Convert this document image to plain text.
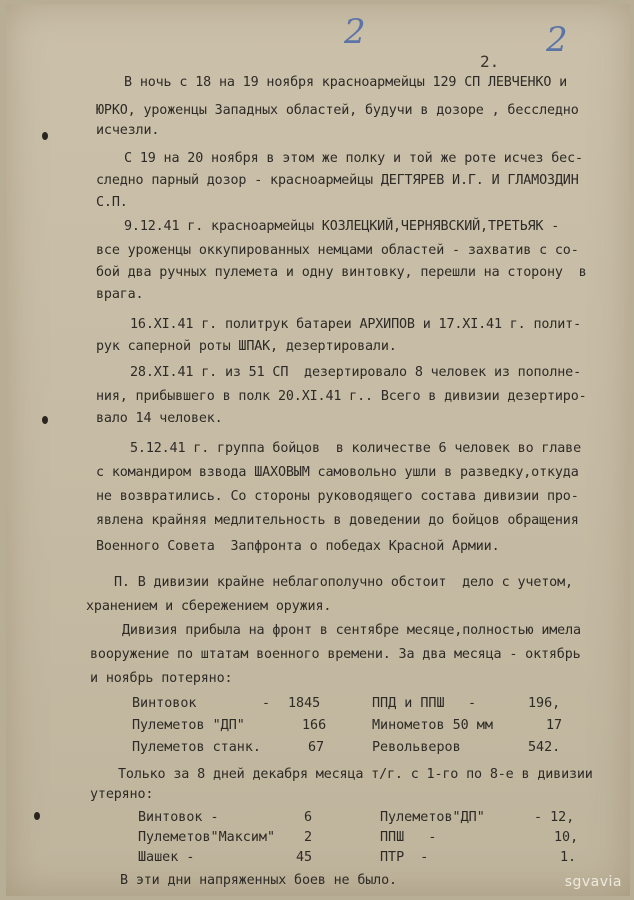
2	2
2.
В ночь с 18 на 19 ноября красноармейцы 129 СП ЛЕВЧЕНКО и
ЮРКО, уроженцы Западных областей, будучи в дозоре , бесследно
исчезли.
С 19 на 20 ноября в этом же полку и той же роте исчез бес-
следно парный дозор - красноармейцы ДЕГТЯРЕВ И.Г. И ГЛАМОЗДИН
С.П.
9.12.41 г. красноармейцы КОЗЛЕЦКИЙ,ЧЕРНЯВСКИЙ,ТРЕТЬЯК -
все уроженцы оккупированных немцами областей - захватив с со-
бой два ручных пулемета и одну винтовку, перешли на сторону  в
врага.
16.XI.41 г. политрук батареи АРХИПОВ и 17.XI.41 г. полит-
рук саперной роты ШПАК, дезертировали.
28.XI.41 г. из 51 СП  дезертировало 8 человек из пополне-
ния, прибывшего в полк 20.XI.41 г.. Всего в дивизии дезертиро-
вало 14 человек.
5.12.41 г. группа бойцов  в количестве 6 человек во главе
с командиром взвода ШАХОВЫМ самовольно ушли в разведку,откуда
не возвратились. Со стороны руководящего состава дивизии про-
явлена крайняя медлительность в доведении до бойцов обращения
Военного Совета  Запфронта о победах Красной Армии.
П. В дивизии крайне неблагополучно обстоит  дело с учетом,
хранением и сбережением оружия.
Дивизия прибыла на фронт в сентябре месяце,полностью имела
вооружение по штатам военного времени. За два месяца - октябрь
и ноябрь потеряно:
Винтовок	- 1845	ППД и ППШ -	196,
Пулеметов "ДП"	166	Минометов 50 мм	17
Пулеметов станк.	67	Револьверов	542.
Только за 8 дней декабря месяца т/г. с 1-го по 8-е в дивизии
утеряно:
Винтовок -	6	Пулеметов"ДП"	- 12,
Пулеметов"Максим" 2	ППШ   -	10,
Шашек -	45	ПТР  -	1.
В эти дни напряженных боев не было.	sgvavia
